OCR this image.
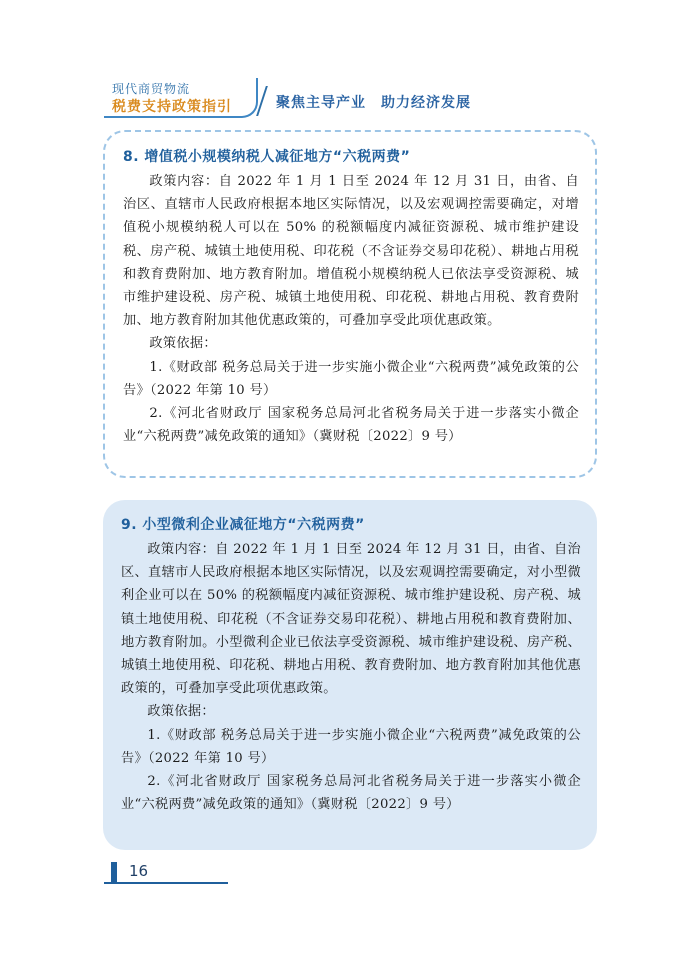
现代商贸物流
税费支持政策指引	聚焦主导产业　助力经济发展
8. 增值税小规模纳税人减征地方“六税两费”

政策内容：自 2022 年 1 月 1 日至 2024 年 12 月 31 日，由省、自治区、直辖市人民政府根据本地区实际情况，以及宏观调控需要确定，对增值税小规模纳税人可以在 50% 的税额幅度内减征资源税、城市维护建设税、房产税、城镇土地使用税、印花税（不含证券交易印花税）、耕地占用税和教育费附加、地方教育附加。增值税小规模纳税人已依法享受资源税、城市维护建设税、房产税、城镇土地使用税、印花税、耕地占用税、教育费附加、地方教育附加其他优惠政策的，可叠加享受此项优惠政策。

政策依据：

1.《财政部 税务总局关于进一步实施小微企业“六税两费”减免政策的公告》（2022 年第 10 号）

2.《河北省财政厅 国家税务总局河北省税务局关于进一步落实小微企业“六税两费”减免政策的通知》（冀财税〔2022〕9 号）

9. 小型微利企业减征地方“六税两费”

政策内容：自 2022 年 1 月 1 日至 2024 年 12 月 31 日，由省、自治区、直辖市人民政府根据本地区实际情况，以及宏观调控需要确定，对小型微利企业可以在 50% 的税额幅度内减征资源税、城市维护建设税、房产税、城镇土地使用税、印花税（不含证券交易印花税）、耕地占用税和教育费附加、地方教育附加。小型微利企业已依法享受资源税、城市维护建设税、房产税、城镇土地使用税、印花税、耕地占用税、教育费附加、地方教育附加其他优惠政策的，可叠加享受此项优惠政策。

政策依据：

1.《财政部 税务总局关于进一步实施小微企业“六税两费”减免政策的公告》（2022 年第 10 号）

2.《河北省财政厅 国家税务总局河北省税务局关于进一步落实小微企业“六税两费”减免政策的通知》（冀财税〔2022〕9 号）

16
